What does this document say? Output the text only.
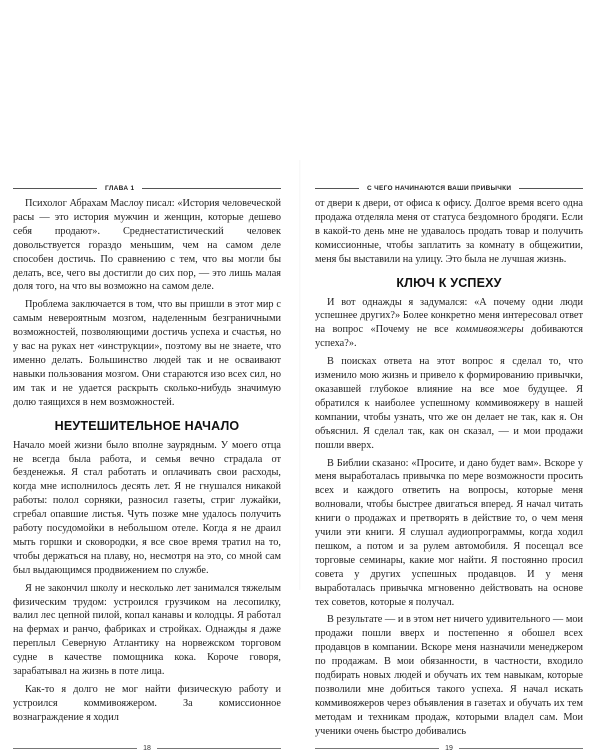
ГЛАВА 1

Психолог Абрахам Маслоу писал: «История человеческой расы — это история мужчин и женщин, которые дешево себя продают». Среднестатистический человек довольствуется гораздо меньшим, чем на самом деле способен достичь. По сравнению с тем, что вы могли бы делать, все, чего вы достигли до сих пор, — это лишь малая доля того, на что вы возможно на самом деле.

Проблема заключается в том, что вы пришли в этот мир с самым невероятным мозгом, наделенным безграничными возможностей, позволяющими достичь успеха и счастья, но у вас на руках нет «инструкции», поэтому вы не знаете, что именно делать. Большинство людей так и не осваивают навыки пользования мозгом. Они стараются изо всех сил, но им так и не удается раскрыть сколько-нибудь значимую долю таящихся в нем возможностей.

НЕУТЕШИТЕЛЬНОЕ НАЧАЛО

Начало моей жизни было вполне заурядным. У моего отца не всегда была работа, и семья вечно страдала от безденежья. Я стал работать и оплачивать свои расходы, когда мне исполнилось десять лет. Я не гнушался никакой работы: полол сорняки, разносил газеты, стриг лужайки, сгребал опавшие листья. Чуть позже мне удалось получить работу посудомойки в небольшом отеле. Когда я не драил мыть горшки и сковородки, я все свое время тратил на то, чтобы держаться на плаву, но, несмотря на это, со мной сам был выдающимся продвижением по службе.

Я не закончил школу и несколько лет занимался тяжелым физическим трудом: устроился грузчиком на лесопилку, валил лес цепной пилой, копал канавы и колодцы. Я работал на фермах и ранчо, фабриках и стройках. Однажды я даже переплыл Северную Атлантику на норвежском торговом судне в качестве помощника кока. Короче говоря, зарабатывал на жизнь в поте лица.

Как-то я долго не мог найти физическую работу и устроился коммивояжером. За комиссионное вознаграждение я ходил

18
С ЧЕГО НАЧИНАЮТСЯ ВАШИ ПРИВЫЧКИ

от двери к двери, от офиса к офису. Долгое время всего одна продажа отделяла меня от статуса бездомного бродяги. Если в какой-то день мне не удавалось продать товар и получить комиссионные, чтобы заплатить за комнату в общежитии, меня бы выставили на улицу. Это была не лучшая жизнь.

КЛЮЧ К УСПЕХУ

И вот однажды я задумался: «А почему одни люди успешнее других?» Более конкретно меня интересовал ответ на вопрос «Почему не все коммивояжеры добиваются успеха?».

В поисках ответа на этот вопрос я сделал то, что изменило мою жизнь и привело к формированию привычки, оказавшей глубокое влияние на все мое будущее. Я обратился к наиболее успешному коммивояжеру в нашей компании, чтобы узнать, что же он делает не так, как я. Он объяснил. Я сделал так, как он сказал, — и мои продажи пошли вверх.

В Библии сказано: «Просите, и дано будет вам». Вскоре у меня выработалась привычка по мере возможности просить всех и каждого ответить на вопросы, которые меня волновали, чтобы быстрее двигаться вперед. Я начал читать книги о продажах и претворять в действие то, о чем меня учили эти книги. Я слушал аудиопрограммы, когда ходил пешком, а потом и за рулем автомобиля. Я посещал все торговые семинары, какие мог найти. Я постоянно просил совета у других успешных продавцов. И у меня выработалась привычка мгновенно действовать на основе тех советов, которые я получал.

В результате — и в этом нет ничего удивительного — мои продажи пошли вверх и постепенно я обошел всех продавцов в компании. Вскоре меня назначили менеджером по продажам. В мои обязанности, в частности, входило подбирать новых людей и обучать их тем навыкам, которые позволили мне добиться такого успеха. Я начал искать коммивояжеров через объявления в газетах и обучать их тем методам и техникам продаж, которыми владел сам. Мои ученики очень быстро добивались

19
